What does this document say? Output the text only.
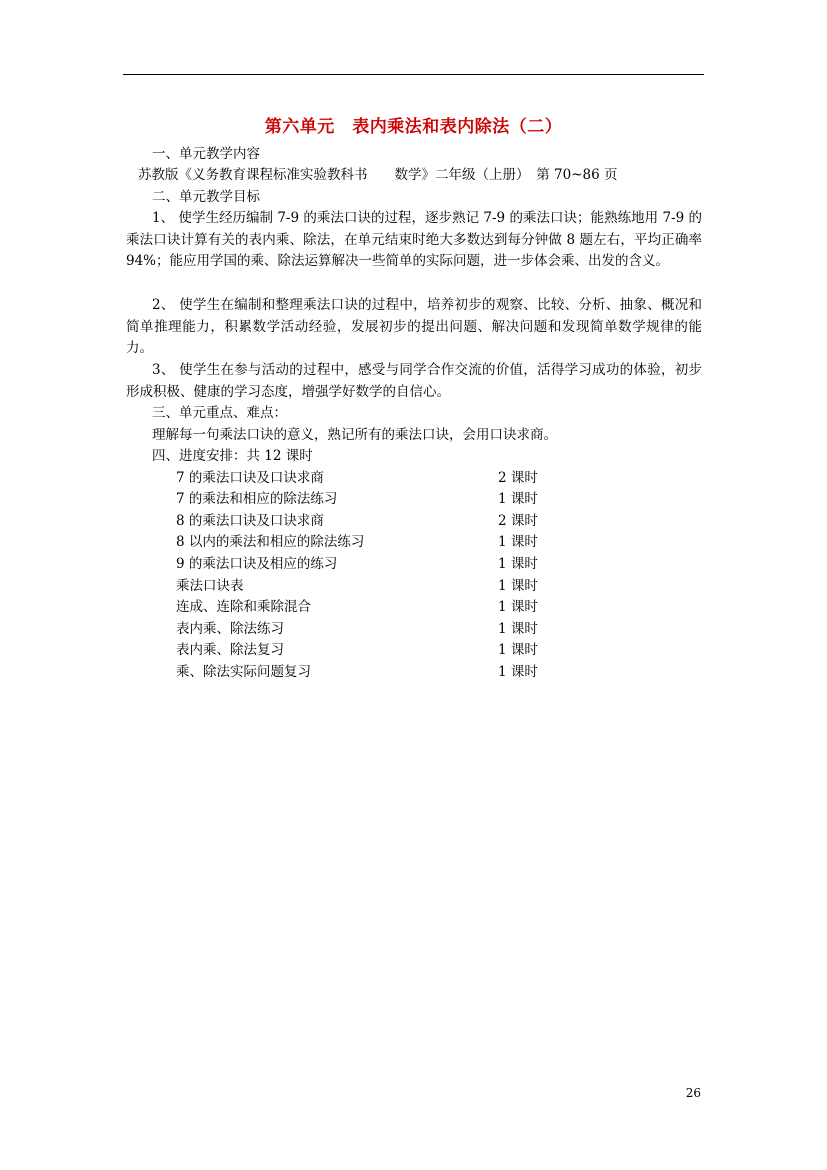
第六单元　表内乘法和表内除法（二）
一、单元教学内容
苏教版《义务教育课程标准实验教科书　　数学》二年级（上册）　第 70~86 页
二、单元教学目标
1、 使学生经历编制 7-9 的乘法口诀的过程，逐步熟记 7-9 的乘法口诀；能熟练地用 7-9 的乘法口诀计算有关的表内乘、除法，在单元结束时绝大多数达到每分钟做 8 题左右，平均正确率 94%；能应用学国的乘、除法运算解决一些简单的实际问题，进一步体会乘、出发的含义。
2、 使学生在编制和整理乘法口诀的过程中，培养初步的观察、比较、分析、抽象、概况和简单推理能力，积累数学活动经验，发展初步的提出问题、解决问题和发现简单数学规律的能力。
3、 使学生在参与活动的过程中，感受与同学合作交流的价值，活得学习成功的体验，初步形成积极、健康的学习态度，增强学好数学的自信心。
三、单元重点、难点：
理解每一句乘法口诀的意义，熟记所有的乘法口诀，会用口诀求商。
四、进度安排：共 12 课时
7 的乘法口诀及口诀求商	2 课时
7 的乘法和相应的除法练习	1 课时
8 的乘法口诀及口诀求商	2 课时
8 以内的乘法和相应的除法练习	1 课时
9 的乘法口诀及相应的练习	1 课时
乘法口诀表	1 课时
连成、连除和乘除混合	1 课时
表内乘、除法练习	1 课时
表内乘、除法复习	1 课时
乘、除法实际问题复习	1 课时
26
